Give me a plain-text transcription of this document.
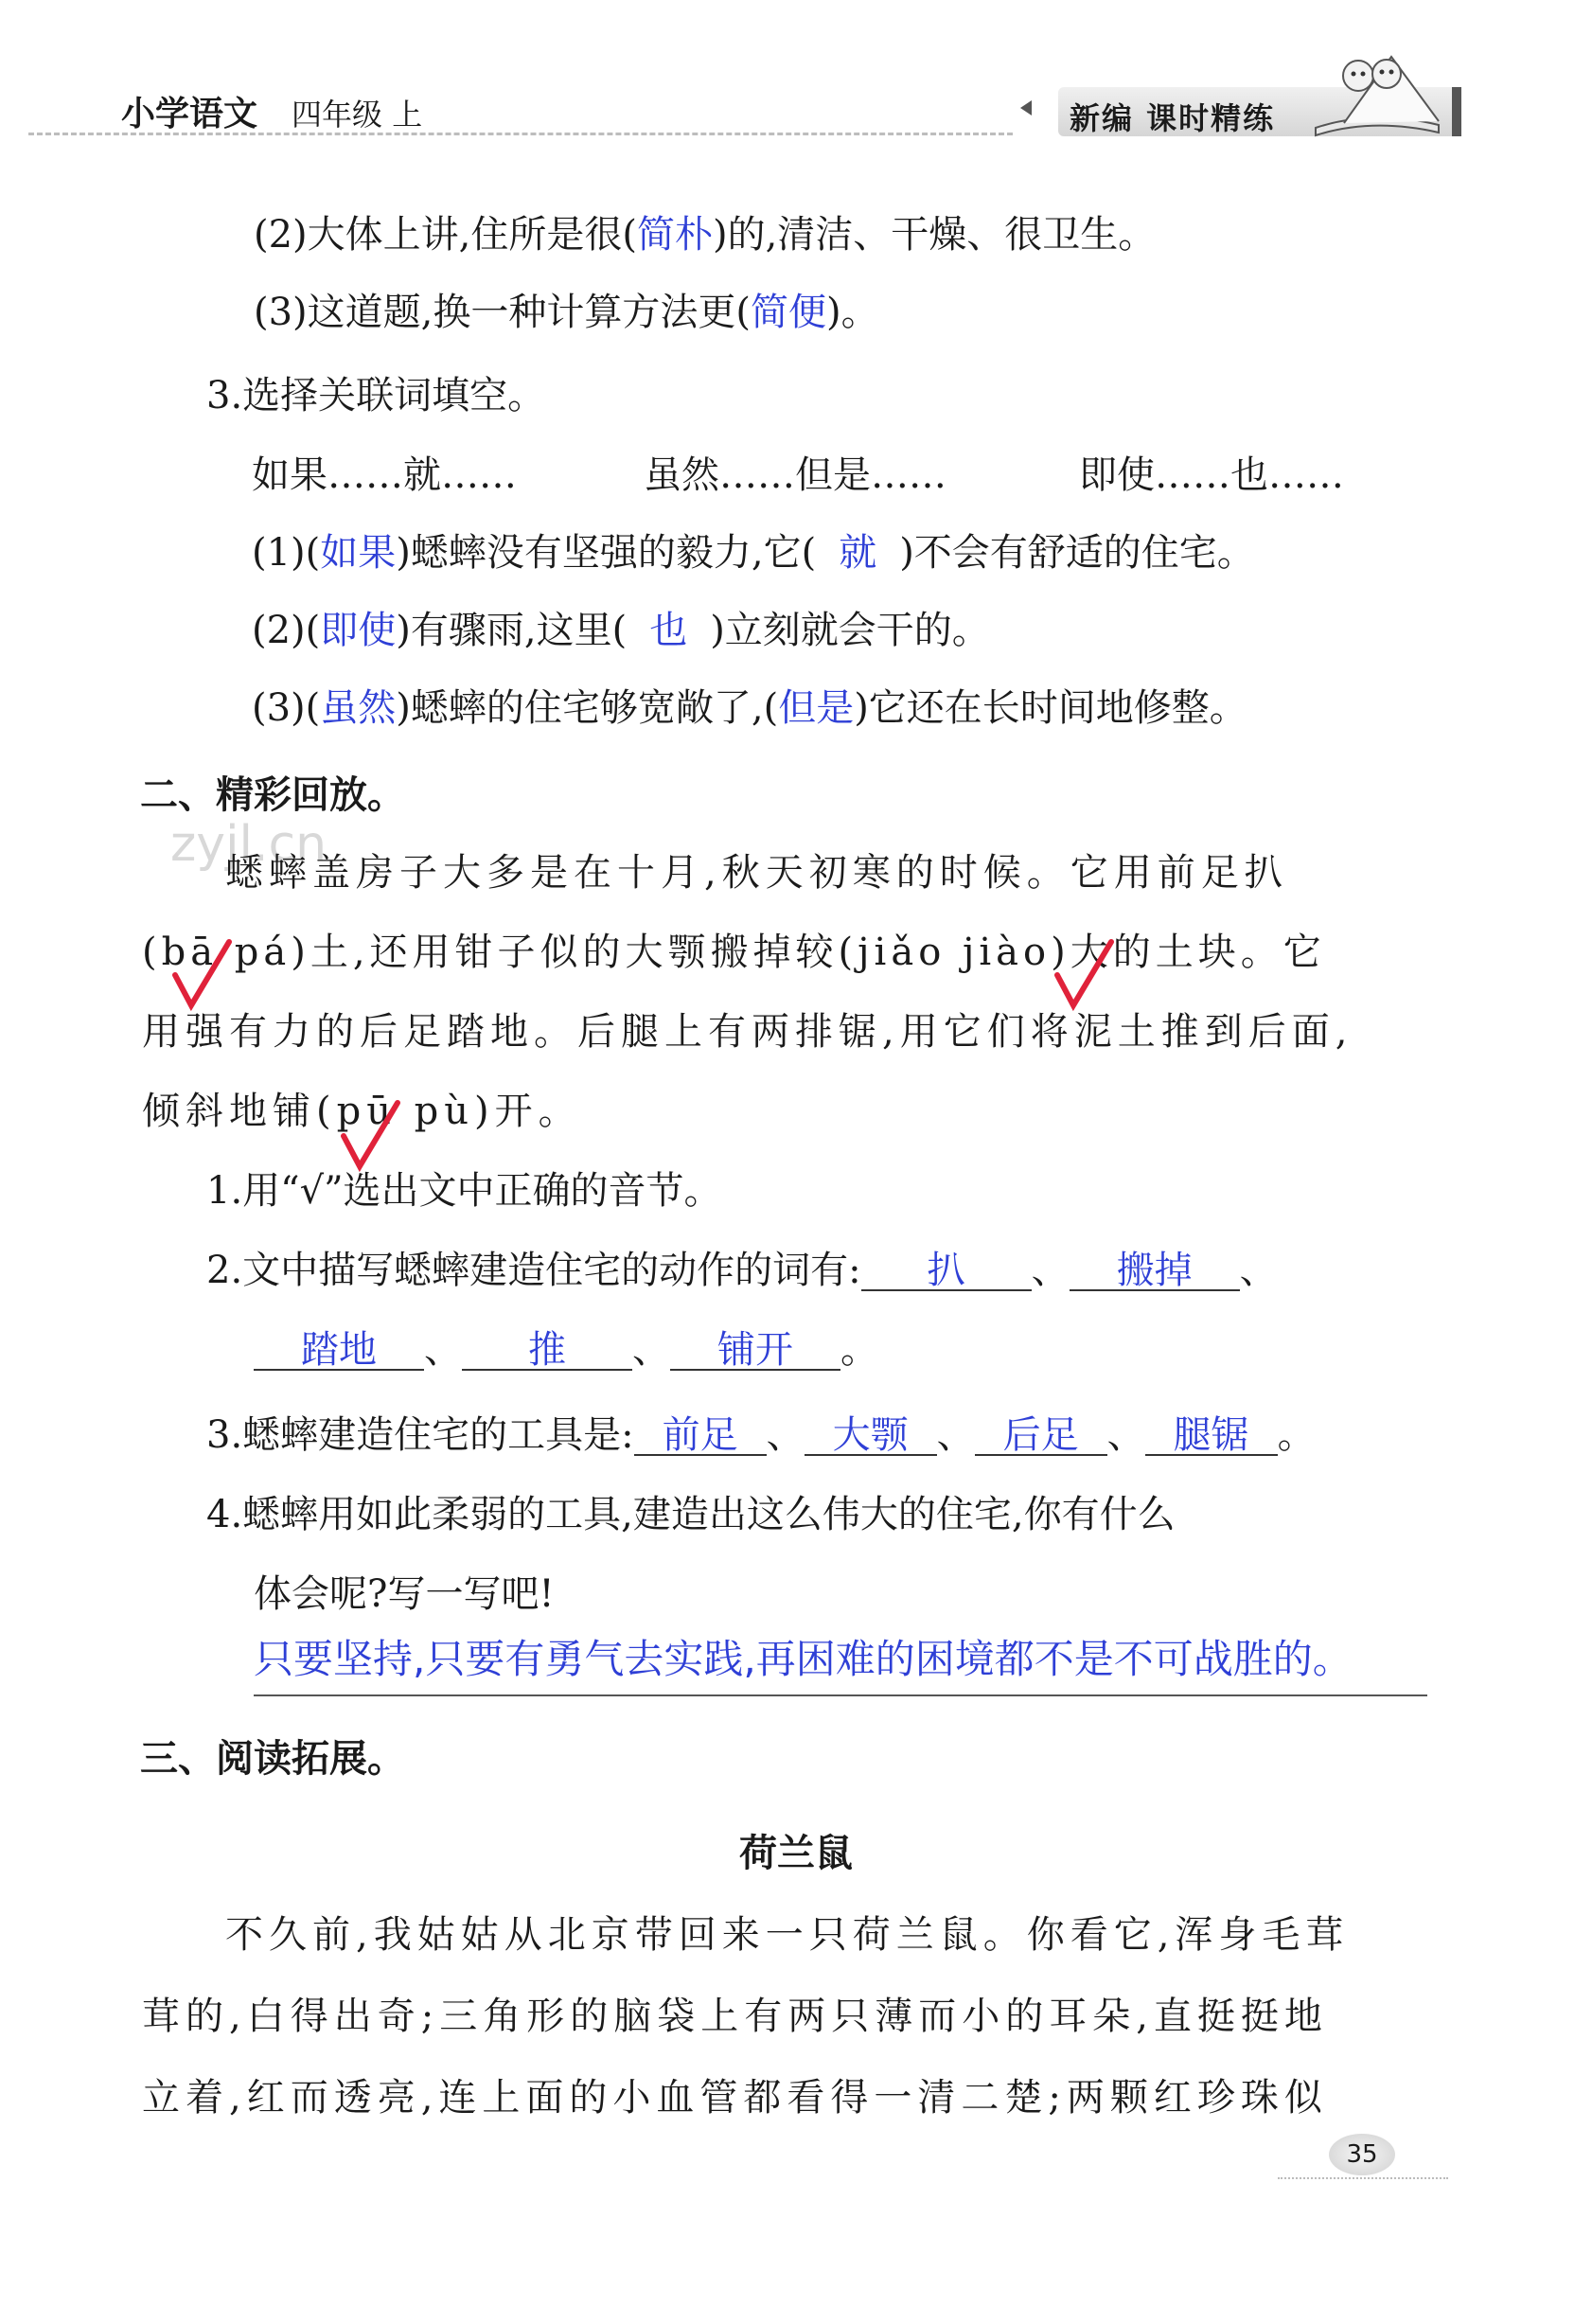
小学语文 四年级 上	新编 课时精练
(2)大体上讲,住所是很(简朴)的,清洁、干燥、很卫生。
(3)这道题,换一种计算方法更(简便)。
3.选择关联词填空。
如果……就……	虽然……但是……	即使……也……
(1)(如果)蟋蟀没有坚强的毅力,它( 就 )不会有舒适的住宅。
(2)(即使)有骤雨,这里( 也 )立刻就会干的。
(3)(虽然)蟋蟀的住宅够宽敞了,(但是)它还在长时间地修整。
二、精彩回放。
zyjl.cn
蟋蟀盖房子大多是在十月,秋天初寒的时候。它用前足扒
(bā pá)土,还用钳子似的大颚搬掉较(jiǎo jiào)大的土块。它
用强有力的后足踏地。后腿上有两排锯,用它们将泥土推到后面,
倾斜地铺(pū pù)开。
1.用“√”选出文中正确的音节。
2.文中描写蟋蟀建造住宅的动作的词有: 扒 、 搬掉 、
踏地 、 推 、 铺开 。
3.蟋蟀建造住宅的工具是: 前足 、 大颚 、 后足 、 腿锯 。
4.蟋蟀用如此柔弱的工具,建造出这么伟大的住宅,你有什么
体会呢?写一写吧!
只要坚持,只要有勇气去实践,再困难的困境都不是不可战胜的。
三、阅读拓展。
荷兰鼠
不久前,我姑姑从北京带回来一只荷兰鼠。你看它,浑身毛茸
茸的,白得出奇;三角形的脑袋上有两只薄而小的耳朵,直挺挺地
立着,红而透亮,连上面的小血管都看得一清二楚;两颗红珍珠似
35
